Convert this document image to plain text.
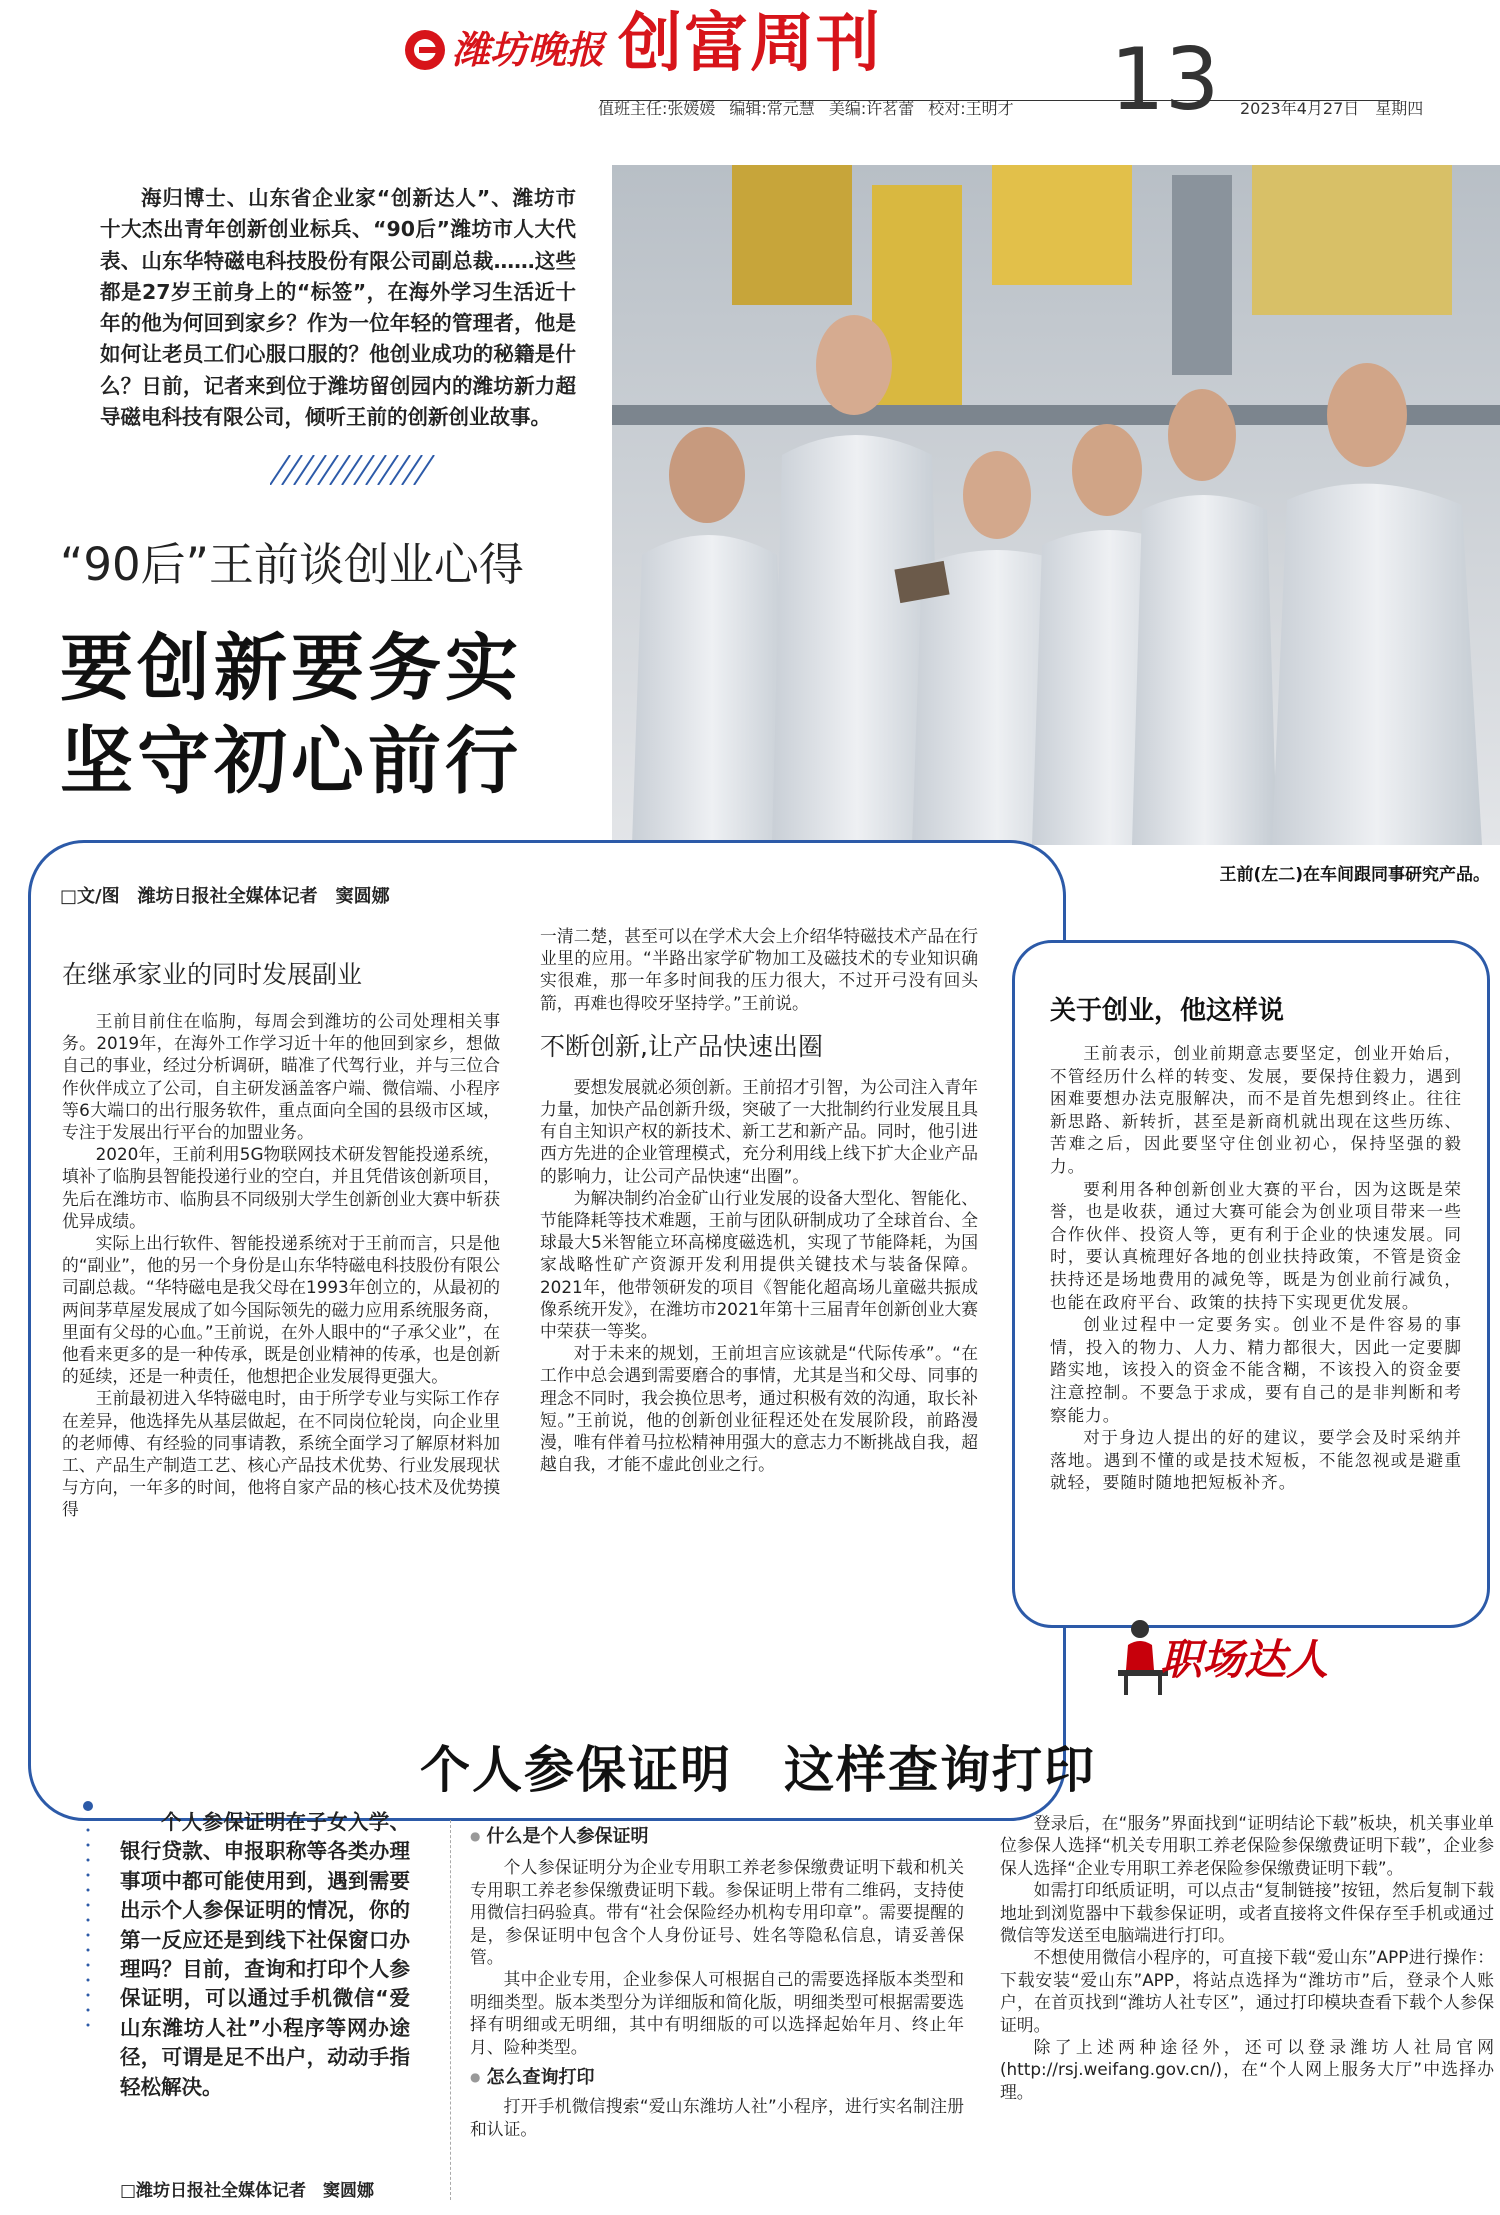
潍坊晚报 创富周刊
值班主任:张媛媛 编辑:常元慧 美编:许茗蕾 校对:王明才	13 2023年4月27日　星期四

海归博士、山东省企业家“创新达人”、潍坊市十大杰出青年创新创业标兵、“90后”潍坊市人大代表、山东华特磁电科技股份有限公司副总裁……这些都是27岁王前身上的“标签”，在海外学习生活近十年的他为何回到家乡？作为一位年轻的管理者，他是如何让老员工们心服口服的？他创业成功的秘籍是什么？日前，记者来到位于潍坊留创园内的潍坊新力超导磁电科技有限公司，倾听王前的创新创业故事。

“90后”王前谈创业心得
要创新要务实
坚守初心前行
王前(左二)在车间跟同事研究产品。
□文/图　潍坊日报社全媒体记者　窦圆娜
在继承家业的同时发展副业

王前目前住在临朐，每周会到潍坊的公司处理相关事务。2019年，在海外工作学习近十年的他回到家乡，想做自己的事业，经过分析调研，瞄准了代驾行业，并与三位合作伙伴成立了公司，自主研发涵盖客户端、微信端、小程序等6大端口的出行服务软件，重点面向全国的县级市区域，专注于发展出行平台的加盟业务。

2020年，王前利用5G物联网技术研发智能投递系统，填补了临朐县智能投递行业的空白，并且凭借该创新项目，先后在潍坊市、临朐县不同级别大学生创新创业大赛中斩获优异成绩。

实际上出行软件、智能投递系统对于王前而言，只是他的“副业”，他的另一个身份是山东华特磁电科技股份有限公司副总裁。“华特磁电是我父母在1993年创立的，从最初的两间茅草屋发展成了如今国际领先的磁力应用系统服务商，里面有父母的心血。”王前说，在外人眼中的“子承父业”，在他看来更多的是一种传承，既是创业精神的传承，也是创新的延续，还是一种责任，他想把企业发展得更强大。

王前最初进入华特磁电时，由于所学专业与实际工作存在差异，他选择先从基层做起，在不同岗位轮岗，向企业里的老师傅、有经验的同事请教，系统全面学习了解原材料加工、产品生产制造工艺、核心产品技术优势、行业发展现状与方向，一年多的时间，他将自家产品的核心技术及优势摸得

一清二楚，甚至可以在学术大会上介绍华特磁技术产品在行业里的应用。“半路出家学矿物加工及磁技术的专业知识确实很难，那一年多时间我的压力很大，不过开弓没有回头箭，再难也得咬牙坚持学。”王前说。

不断创新,让产品快速出圈

要想发展就必须创新。王前招才引智，为公司注入青年力量，加快产品创新升级，突破了一大批制约行业发展且具有自主知识产权的新技术、新工艺和新产品。同时，他引进西方先进的企业管理模式，充分利用线上线下扩大企业产品的影响力，让公司产品快速“出圈”。

为解决制约冶金矿山行业发展的设备大型化、智能化、节能降耗等技术难题，王前与团队研制成功了全球首台、全球最大5米智能立环高梯度磁选机，实现了节能降耗，为国家战略性矿产资源开发利用提供关键技术与装备保障。2021年，他带领研发的项目《智能化超高场儿童磁共振成像系统开发》，在潍坊市2021年第十三届青年创新创业大赛中荣获一等奖。

对于未来的规划，王前坦言应该就是“代际传承”。“在工作中总会遇到需要磨合的事情，尤其是当和父母、同事的理念不同时，我会换位思考，通过积极有效的沟通，取长补短。”王前说，他的创新创业征程还处在发展阶段，前路漫漫，唯有伴着马拉松精神用强大的意志力不断挑战自我，超越自我，才能不虚此创业之行。

关于创业，他这样说

王前表示，创业前期意志要坚定，创业开始后，不管经历什么样的转变、发展，要保持住毅力，遇到困难要想办法克服解决，而不是首先想到终止。往往新思路、新转折，甚至是新商机就出现在这些历练、苦难之后，因此要坚守住创业初心，保持坚强的毅力。

要利用各种创新创业大赛的平台，因为这既是荣誉，也是收获，通过大赛可能会为创业项目带来一些合作伙伴、投资人等，更有利于企业的快速发展。同时，要认真梳理好各地的创业扶持政策，不管是资金扶持还是场地费用的减免等，既是为创业前行减负，也能在政府平台、政策的扶持下实现更优发展。

创业过程中一定要务实。创业不是件容易的事情，投入的物力、人力、精力都很大，因此一定要脚踏实地，该投入的资金不能含糊，不该投入的资金要注意控制。不要急于求成，要有自己的是非判断和考察能力。

对于身边人提出的好的建议，要学会及时采纳并落地。遇到不懂的或是技术短板，不能忽视或是避重就轻，要随时随地把短板补齐。

职场达人
个人参保证明　这样查询打印

个人参保证明在子女入学、银行贷款、申报职称等各类办理事项中都可能使用到，遇到需要出示个人参保证明的情况，你的第一反应还是到线下社保窗口办理吗？目前，查询和打印个人参保证明，可以通过手机微信“爱山东潍坊人社”小程序等网办途径，可谓是足不出户，动动手指轻松解决。

□潍坊日报社全媒体记者　窦圆娜
● 什么是个人参保证明

个人参保证明分为企业专用职工养老参保缴费证明下载和机关专用职工养老参保缴费证明下载。参保证明上带有二维码，支持使用微信扫码验真。带有“社会保险经办机构专用印章”。需要提醒的是，参保证明中包含个人身份证号、姓名等隐私信息，请妥善保管。

其中企业专用，企业参保人可根据自己的需要选择版本类型和明细类型。版本类型分为详细版和简化版，明细类型可根据需要选择有明细或无明细，其中有明细版的可以选择起始年月、终止年月、险种类型。

● 怎么查询打印

打开手机微信搜索“爱山东潍坊人社”小程序，进行实名制注册和认证。

登录后，在“服务”界面找到“证明结论下载”板块，机关事业单位参保人选择“机关专用职工养老保险参保缴费证明下载”，企业参保人选择“企业专用职工养老保险参保缴费证明下载”。

如需打印纸质证明，可以点击“复制链接”按钮，然后复制下载地址到浏览器中下载参保证明，或者直接将文件保存至手机或通过微信等发送至电脑端进行打印。

不想使用微信小程序的，可直接下载“爱山东”APP进行操作：下载安装“爱山东”APP，将站点选择为“潍坊市”后，登录个人账户，在首页找到“潍坊人社专区”，通过打印模块查看下载个人参保证明。

除了上述两种途径外，还可以登录潍坊人社局官网(http://rsj.weifang.gov.cn/)，在“个人网上服务大厅”中选择办理。
